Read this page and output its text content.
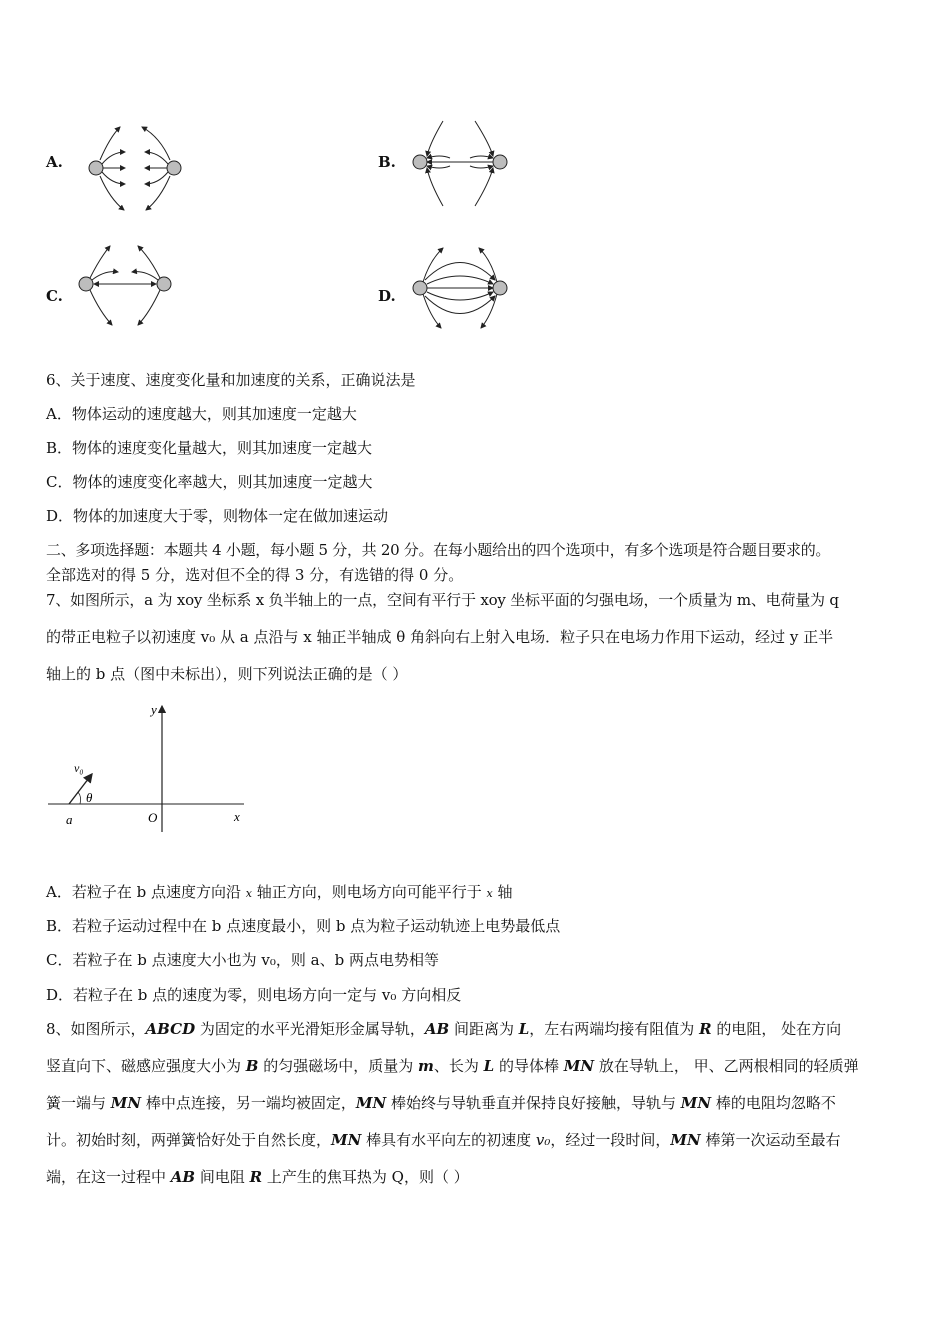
A.	B.
C.	D.
6、关于速度、速度变化量和加速度的关系，正确说法是
A．物体运动的速度越大，则其加速度一定越大
B．物体的速度变化量越大，则其加速度一定越大
C．物体的速度变化率越大，则其加速度一定越大
D．物体的加速度大于零，则物体一定在做加速运动
二、多项选择题：本题共 4 小题，每小题 5 分，共 20 分。在每小题给出的四个选项中，有多个选项是符合题目要求的。
全部选对的得 5 分，选对但不全的得 3 分，有选错的得 0 分。
7、如图所示，a 为 xoy 坐标系 x 负半轴上的一点，空间有平行于 xoy 坐标平面的匀强电场，一个质量为 m、电荷量为 q
的带正电粒子以初速度 v₀ 从 a 点沿与 x 轴正半轴成 θ 角斜向右上射入电场．粒子只在电场力作用下运动，经过 y 正半
轴上的 b 点（图中未标出），则下列说法正确的是（ ）
y
x
O
a
v₀
θ
A．若粒子在 b 点速度方向沿 x 轴正方向，则电场方向可能平行于 x 轴
B．若粒子运动过程中在 b 点速度最小，则 b 点为粒子运动轨迹上电势最低点
C．若粒子在 b 点速度大小也为 v₀，则 a、b 两点电势相等
D．若粒子在 b 点的速度为零，则电场方向一定与 v₀ 方向相反
8、如图所示，ABCD 为固定的水平光滑矩形金属导轨，AB 间距离为 L，左右两端均接有阻值为 R 的电阻， 处在方向
竖直向下、磁感应强度大小为 B 的匀强磁场中，质量为 m、长为 L 的导体棒 MN 放在导轨上， 甲、乙两根相同的轻质弹
簧一端与 MN 棒中点连接，另一端均被固定，MN 棒始终与导轨垂直并保持良好接触，导轨与 MN 棒的电阻均忽略不
计。初始时刻，两弹簧恰好处于自然长度，MN 棒具有水平向左的初速度 v₀，经过一段时间，MN 棒第一次运动至最右
端，在这一过程中 AB 间电阻 R 上产生的焦耳热为 Q，则（ ）
